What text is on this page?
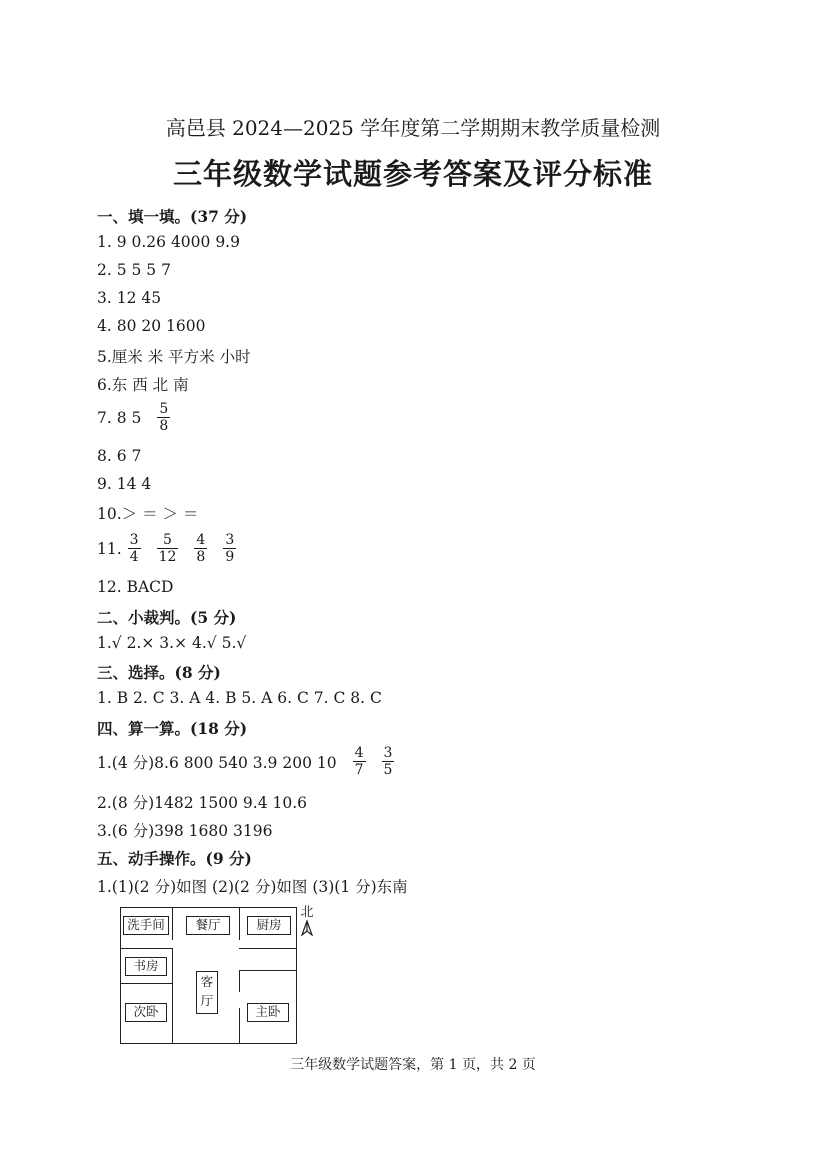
高邑县 2024—2025 学年度第二学期期末教学质量检测
三年级数学试题参考答案及评分标准
一、填一填。(37 分)
1. 9 0.26 4000 9.9
2. 5 5 5 7
3. 12 45
4. 80 20 1600
5.厘米 米 平方米 小时
6.东 西 北 南
7. 8 $5 \frac{5}{8}$
8. 6 7
9. 14 4
10.＞ ＝ ＞ ＝
11. $\frac{3}{4} \frac{5}{12} \frac{4}{8} \frac{3}{9}$
12. BACD
二、小裁判。(5 分)
1.√ 2.× 3.× 4.√ 5.√
三、选择。(8 分)
1. B 2. C 3. A 4. B 5. A 6. C 7. C 8. C
四、算一算。(18 分)
1.(4 分)8.6 800 540 3.9 200 $10 \frac{4}{7} \frac{3}{5}$
2.(8 分)1482 1500 9.4 10.6
3.(6 分)398 1680 3196
五、动手操作。(9 分)
1.(1)(2 分)如图 (2)(2 分)如图 (3)(1 分)东南
洗手间	餐厅	厨房
书房
客厅
次卧	主卧
北
三年级数学试题答案，第 1 页，共 2 页
